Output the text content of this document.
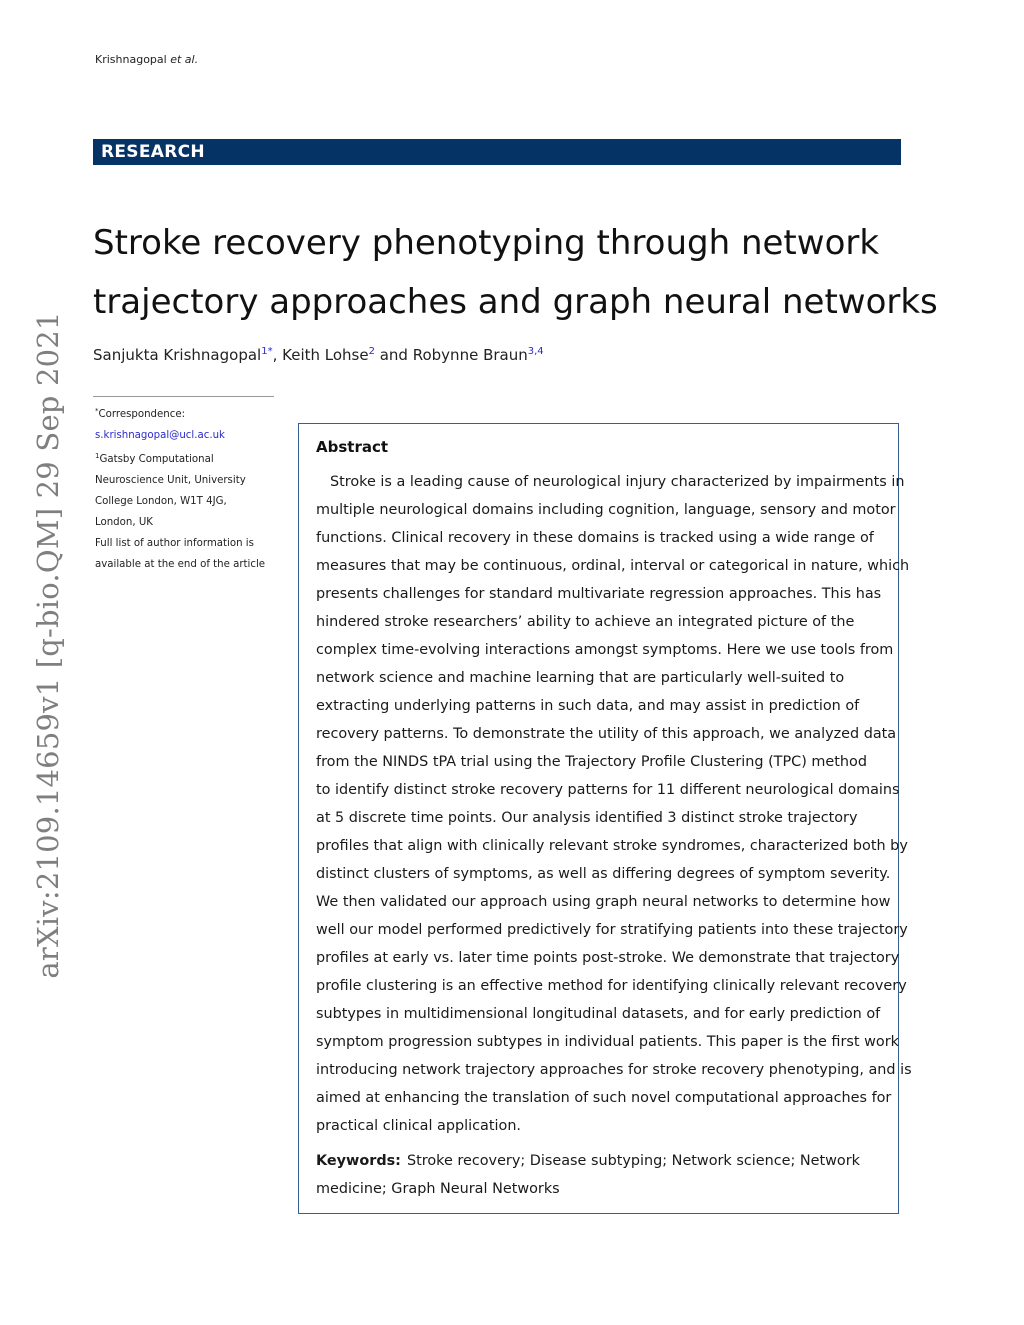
Krishnagopal et al.
RESEARCH
arXiv:2109.14659v1 [q-bio.QM] 29 Sep 2021
Stroke recovery phenotyping through network
trajectory approaches and graph neural networks
Sanjukta Krishnagopal$^{1*}$, Keith Lohse$^2$ and Robynne Braun$^{3,4}$
*Correspondence:
s.krishnagopal@ucl.ac.uk
$^1$Gatsby Computational
Neuroscience Unit, University
College London, W1T 4JG,
London, UK
Full list of author information is
available at the end of the article
Abstract
Stroke is a leading cause of neurological injury characterized by impairments in
multiple neurological domains including cognition, language, sensory and motor
functions. Clinical recovery in these domains is tracked using a wide range of
measures that may be continuous, ordinal, interval or categorical in nature, which
presents challenges for standard multivariate regression approaches. This has
hindered stroke researchers’ ability to achieve an integrated picture of the
complex time-evolving interactions amongst symptoms. Here we use tools from
network science and machine learning that are particularly well-suited to
extracting underlying patterns in such data, and may assist in prediction of
recovery patterns. To demonstrate the utility of this approach, we analyzed data
from the NINDS tPA trial using the Trajectory Profile Clustering (TPC) method
to identify distinct stroke recovery patterns for 11 different neurological domains
at 5 discrete time points. Our analysis identified 3 distinct stroke trajectory
profiles that align with clinically relevant stroke syndromes, characterized both by
distinct clusters of symptoms, as well as differing degrees of symptom severity.
We then validated our approach using graph neural networks to determine how
well our model performed predictively for stratifying patients into these trajectory
profiles at early vs. later time points post-stroke. We demonstrate that trajectory
profile clustering is an effective method for identifying clinically relevant recovery
subtypes in multidimensional longitudinal datasets, and for early prediction of
symptom progression subtypes in individual patients. This paper is the first work
introducing network trajectory approaches for stroke recovery phenotyping, and is
aimed at enhancing the translation of such novel computational approaches for
practical clinical application.
Keywords: Stroke recovery; Disease subtyping; Network science; Network
medicine; Graph Neural Networks
